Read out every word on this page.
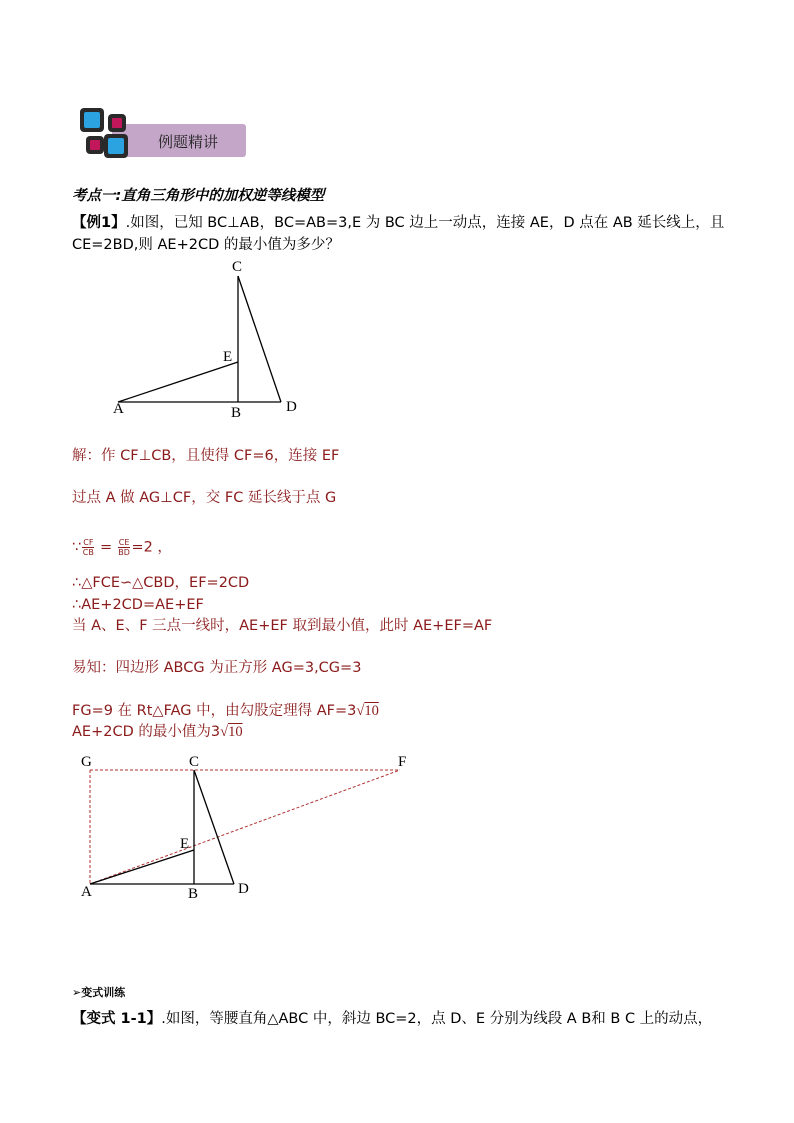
例题精讲
考点一:直角三角形中的加权逆等线模型
【例1】.如图，已知 BC⊥AB，BC=AB=3,E 为 BC 边上一动点，连接 AE，D 点在 AB 延长线上，且
CE=2BD,则 AE+2CD 的最小值为多少？
C
E
A	B	D
解：作 CF⊥CB，且使得 CF=6，连接 EF
过点 A 做 AG⊥CF，交 FC 延长线于点 G
∵ $\frac{CF}{CB} = \frac{CE}{BD} =2$ ，
∴△FCE∽△CBD，EF=2CD
∴AE+2CD=AE+EF
当 A、E、F 三点一线时，AE+EF 取到最小值，此时 AE+EF=AF
易知：四边形 ABCG 为正方形 AG=3,CG=3
FG=9 在 Rt△FAG 中，由勾股定理得 AF=3√10
AE+2CD 的最小值为3√10
G	C	F
E
A	B	D
➢变式训练
【变式 1-1】.如图，等腰直角△ABC 中，斜边 BC=2，点 D、E 分别为线段 A B和 B C 上的动点，
